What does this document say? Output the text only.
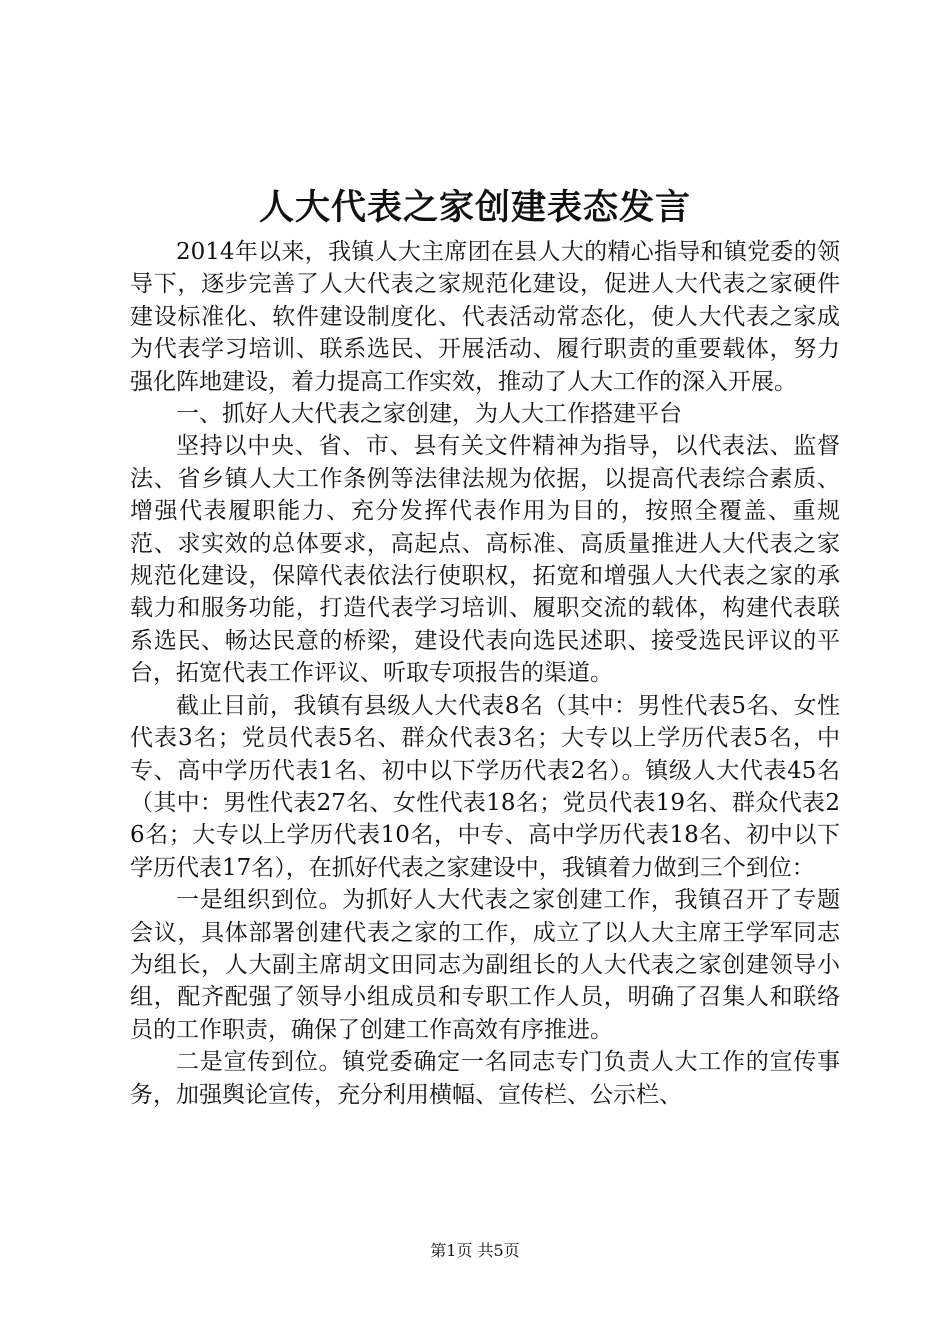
人大代表之家创建表态发言

2014年以来，我镇人大主席团在县人大的精心指导和镇党委的领导下，逐步完善了人大代表之家规范化建设，促进人大代表之家硬件建设标准化、软件建设制度化、代表活动常态化，使人大代表之家成为代表学习培训、联系选民、开展活动、履行职责的重要载体，努力强化阵地建设，着力提高工作实效，推动了人大工作的深入开展。

一、抓好人大代表之家创建，为人大工作搭建平台

坚持以中央、省、市、县有关文件精神为指导，以代表法、监督法、省乡镇人大工作条例等法律法规为依据，以提高代表综合素质、增强代表履职能力、充分发挥代表作用为目的，按照全覆盖、重规范、求实效的总体要求，高起点、高标准、高质量推进人大代表之家规范化建设，保障代表依法行使职权，拓宽和增强人大代表之家的承载力和服务功能，打造代表学习培训、履职交流的载体，构建代表联系选民、畅达民意的桥梁，建设代表向选民述职、接受选民评议的平台，拓宽代表工作评议、听取专项报告的渠道。

截止目前，我镇有县级人大代表8名（其中：男性代表5名、女性代表3名；党员代表5名、群众代表3名；大专以上学历代表5名，中专、高中学历代表1名、初中以下学历代表2名）。镇级人大代表45名（其中：男性代表27名、女性代表18名；党员代表19名、群众代表26名；大专以上学历代表10名，中专、高中学历代表18名、初中以下学历代表17名），在抓好代表之家建设中，我镇着力做到三个到位：

一是组织到位。为抓好人大代表之家创建工作，我镇召开了专题会议，具体部署创建代表之家的工作，成立了以人大主席王学军同志为组长，人大副主席胡文田同志为副组长的人大代表之家创建领导小组，配齐配强了领导小组成员和专职工作人员，明确了召集人和联络员的工作职责，确保了创建工作高效有序推进。

二是宣传到位。镇党委确定一名同志专门负责人大工作的宣传事务，加强舆论宣传，充分利用横幅、宣传栏、公示栏、

第1页 共5页
